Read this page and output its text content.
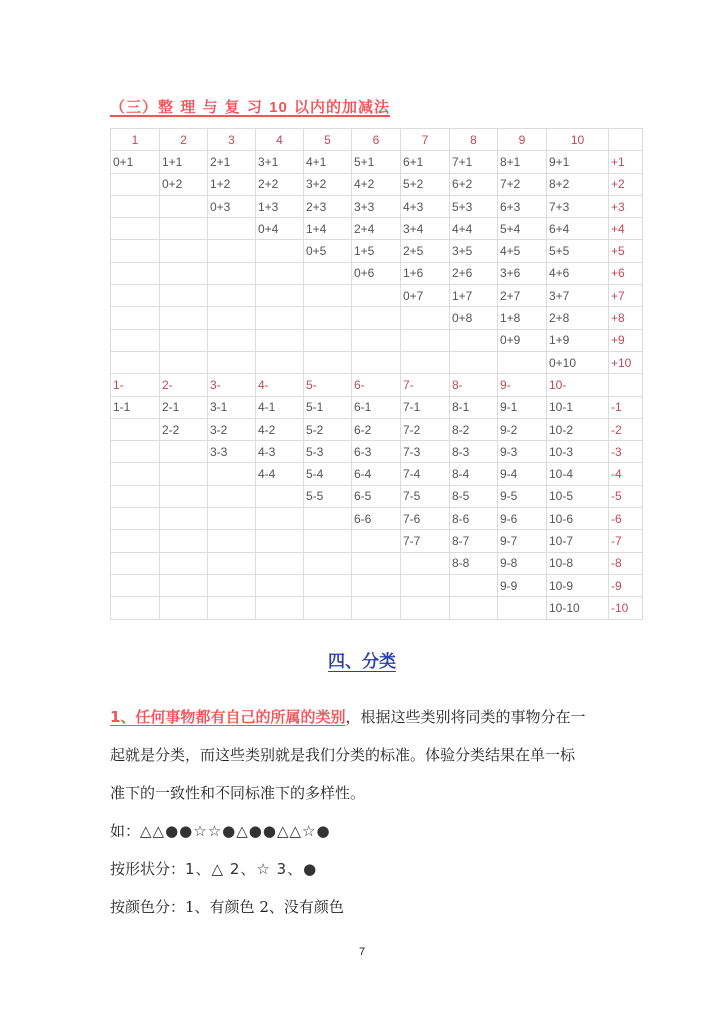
（三）整 理 与 复 习 10 以内的加减法
1	2	3	4	5	6	7	8	9	10	
0+1	1+1	2+1	3+1	4+1	5+1	6+1	7+1	8+1	9+1	+1
	0+2	1+2	2+2	3+2	4+2	5+2	6+2	7+2	8+2	+2
		0+3	1+3	2+3	3+3	4+3	5+3	6+3	7+3	+3
			0+4	1+4	2+4	3+4	4+4	5+4	6+4	+4
				0+5	1+5	2+5	3+5	4+5	5+5	+5
					0+6	1+6	2+6	3+6	4+6	+6
						0+7	1+7	2+7	3+7	+7
							0+8	1+8	2+8	+8
								0+9	1+9	+9
									0+10	+10
1-	2-	3-	4-	5-	6-	7-	8-	9-	10-	
1-1	2-1	3-1	4-1	5-1	6-1	7-1	8-1	9-1	10-1	-1
	2-2	3-2	4-2	5-2	6-2	7-2	8-2	9-2	10-2	-2
		3-3	4-3	5-3	6-3	7-3	8-3	9-3	10-3	-3
			4-4	5-4	6-4	7-4	8-4	9-4	10-4	-4
				5-5	6-5	7-5	8-5	9-5	10-5	-5
					6-6	7-6	8-6	9-6	10-6	-6
						7-7	8-7	9-7	10-7	-7
							8-8	9-8	10-8	-8
								9-9	10-9	-9
									10-10	-10
四、分类
1、任何事物都有自己的所属的类别，根据这些类别将同类的事物分在一
起就是分类，而这些类别就是我们分类的标准。体验分类结果在单一标
准下的一致性和不同标准下的多样性。
如：△△●●☆☆●△●●△△☆●
按形状分：1、△ 2、☆ 3、●
按颜色分：1、有颜色 2、没有颜色
7
